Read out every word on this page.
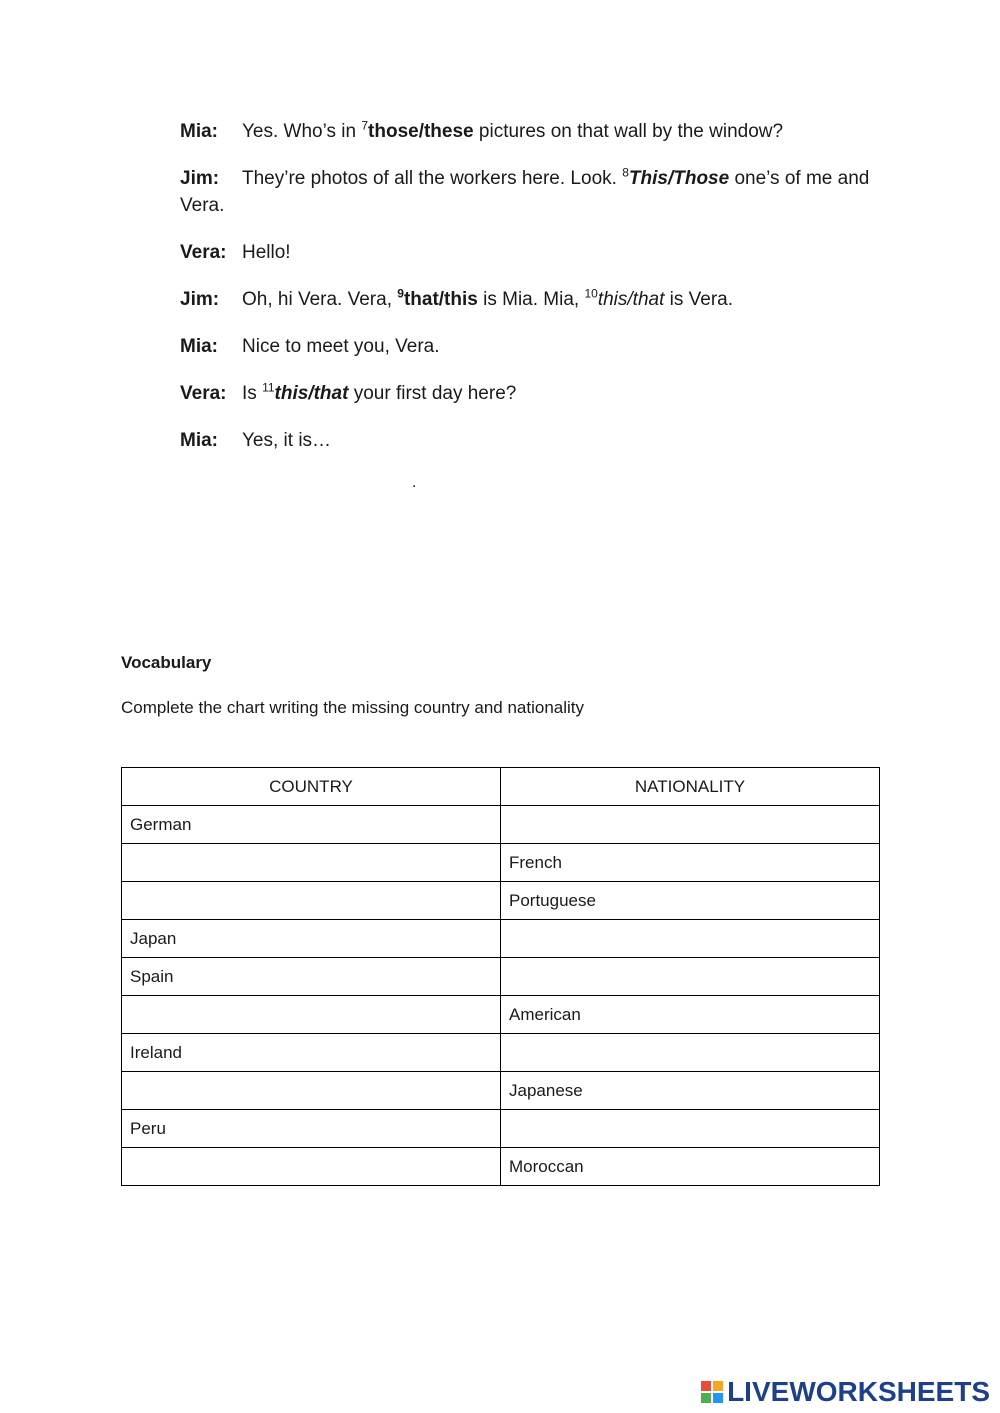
Mia: Yes. Who’s in $^7$those/these pictures on that wall by the window?
Jim: They’re photos of all the workers here. Look. $^8$This/Those one’s of me and Vera.
Vera: Hello!
Jim: Oh, hi Vera. Vera, $^9$that/this is Mia. Mia, $^{10}$this/that is Vera.
Mia: Nice to meet you, Vera.
Vera: Is $^{11}$this/that your first day here?
Mia: Yes, it is…
.
Vocabulary
Complete the chart writing the missing country and nationality
COUNTRY	NATIONALITY
German	
	French
	Portuguese
Japan	
Spain	
	American
Ireland	
	Japanese
Peru	
	Moroccan
LIVEWORKSHEETS
